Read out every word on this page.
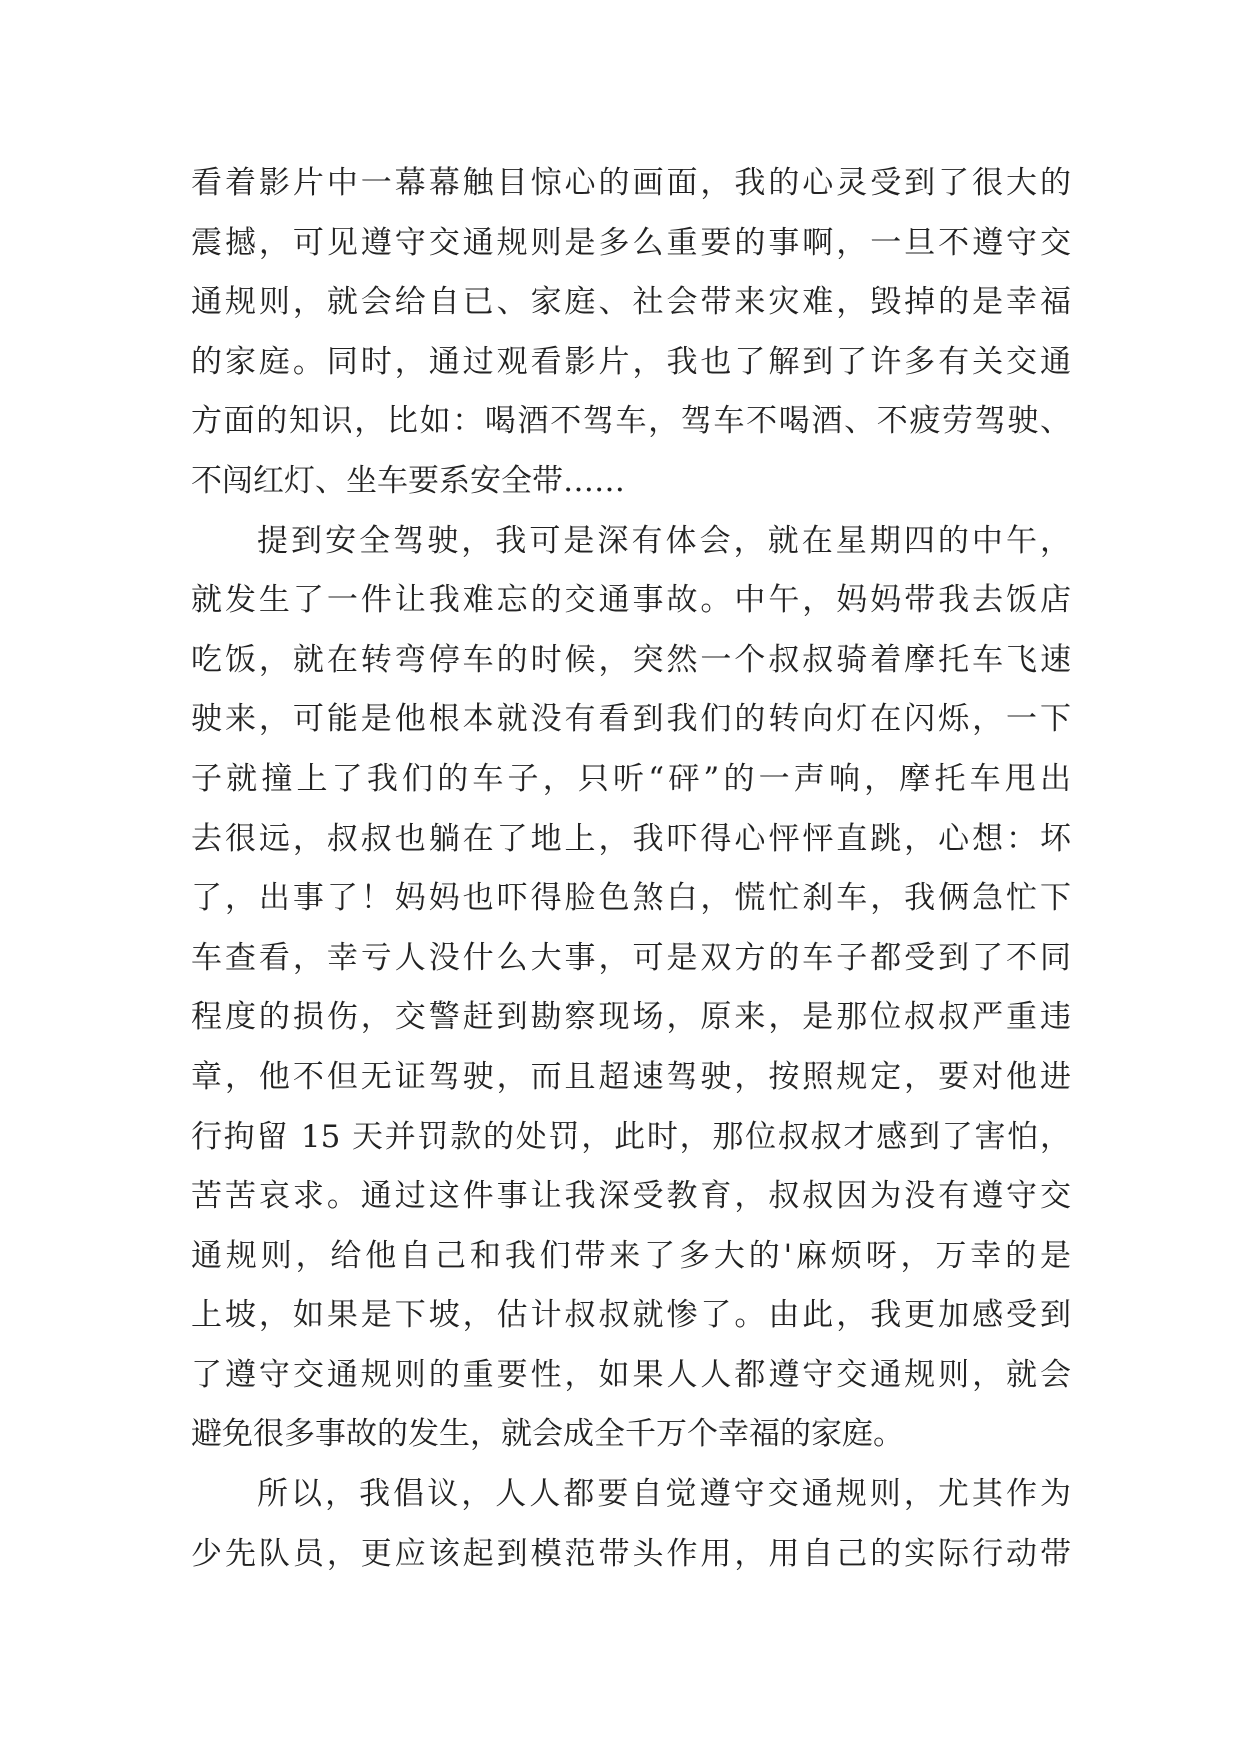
看着影片中一幕幕触目惊心的画面，我的心灵受到了很大的
震撼，可见遵守交通规则是多么重要的事啊，一旦不遵守交
通规则，就会给自已、家庭、社会带来灾难，毁掉的是幸福
的家庭。同时，通过观看影片，我也了解到了许多有关交通
方面的知识，比如：喝酒不驾车，驾车不喝酒、不疲劳驾驶、
不闯红灯、坐车要系安全带……
提到安全驾驶，我可是深有体会，就在星期四的中午，
就发生了一件让我难忘的交通事故。中午，妈妈带我去饭店
吃饭，就在转弯停车的时候，突然一个叔叔骑着摩托车飞速
驶来，可能是他根本就没有看到我们的转向灯在闪烁，一下
子就撞上了我们的车子，只听“砰”的一声响，摩托车甩出
去很远，叔叔也躺在了地上，我吓得心怦怦直跳，心想：坏
了，出事了！妈妈也吓得脸色煞白，慌忙刹车，我俩急忙下
车查看，幸亏人没什么大事，可是双方的车子都受到了不同
程度的损伤，交警赶到勘察现场，原来，是那位叔叔严重违
章，他不但无证驾驶，而且超速驾驶，按照规定，要对他进
行拘留 15 天并罚款的处罚，此时，那位叔叔才感到了害怕，
苦苦哀求。通过这件事让我深受教育，叔叔因为没有遵守交
通规则，给他自己和我们带来了多大的'麻烦呀，万幸的是
上坡，如果是下坡，估计叔叔就惨了。由此，我更加感受到
了遵守交通规则的重要性，如果人人都遵守交通规则，就会
避免很多事故的发生，就会成全千万个幸福的家庭。
所以，我倡议，人人都要自觉遵守交通规则，尤其作为
少先队员，更应该起到模范带头作用，用自己的实际行动带
